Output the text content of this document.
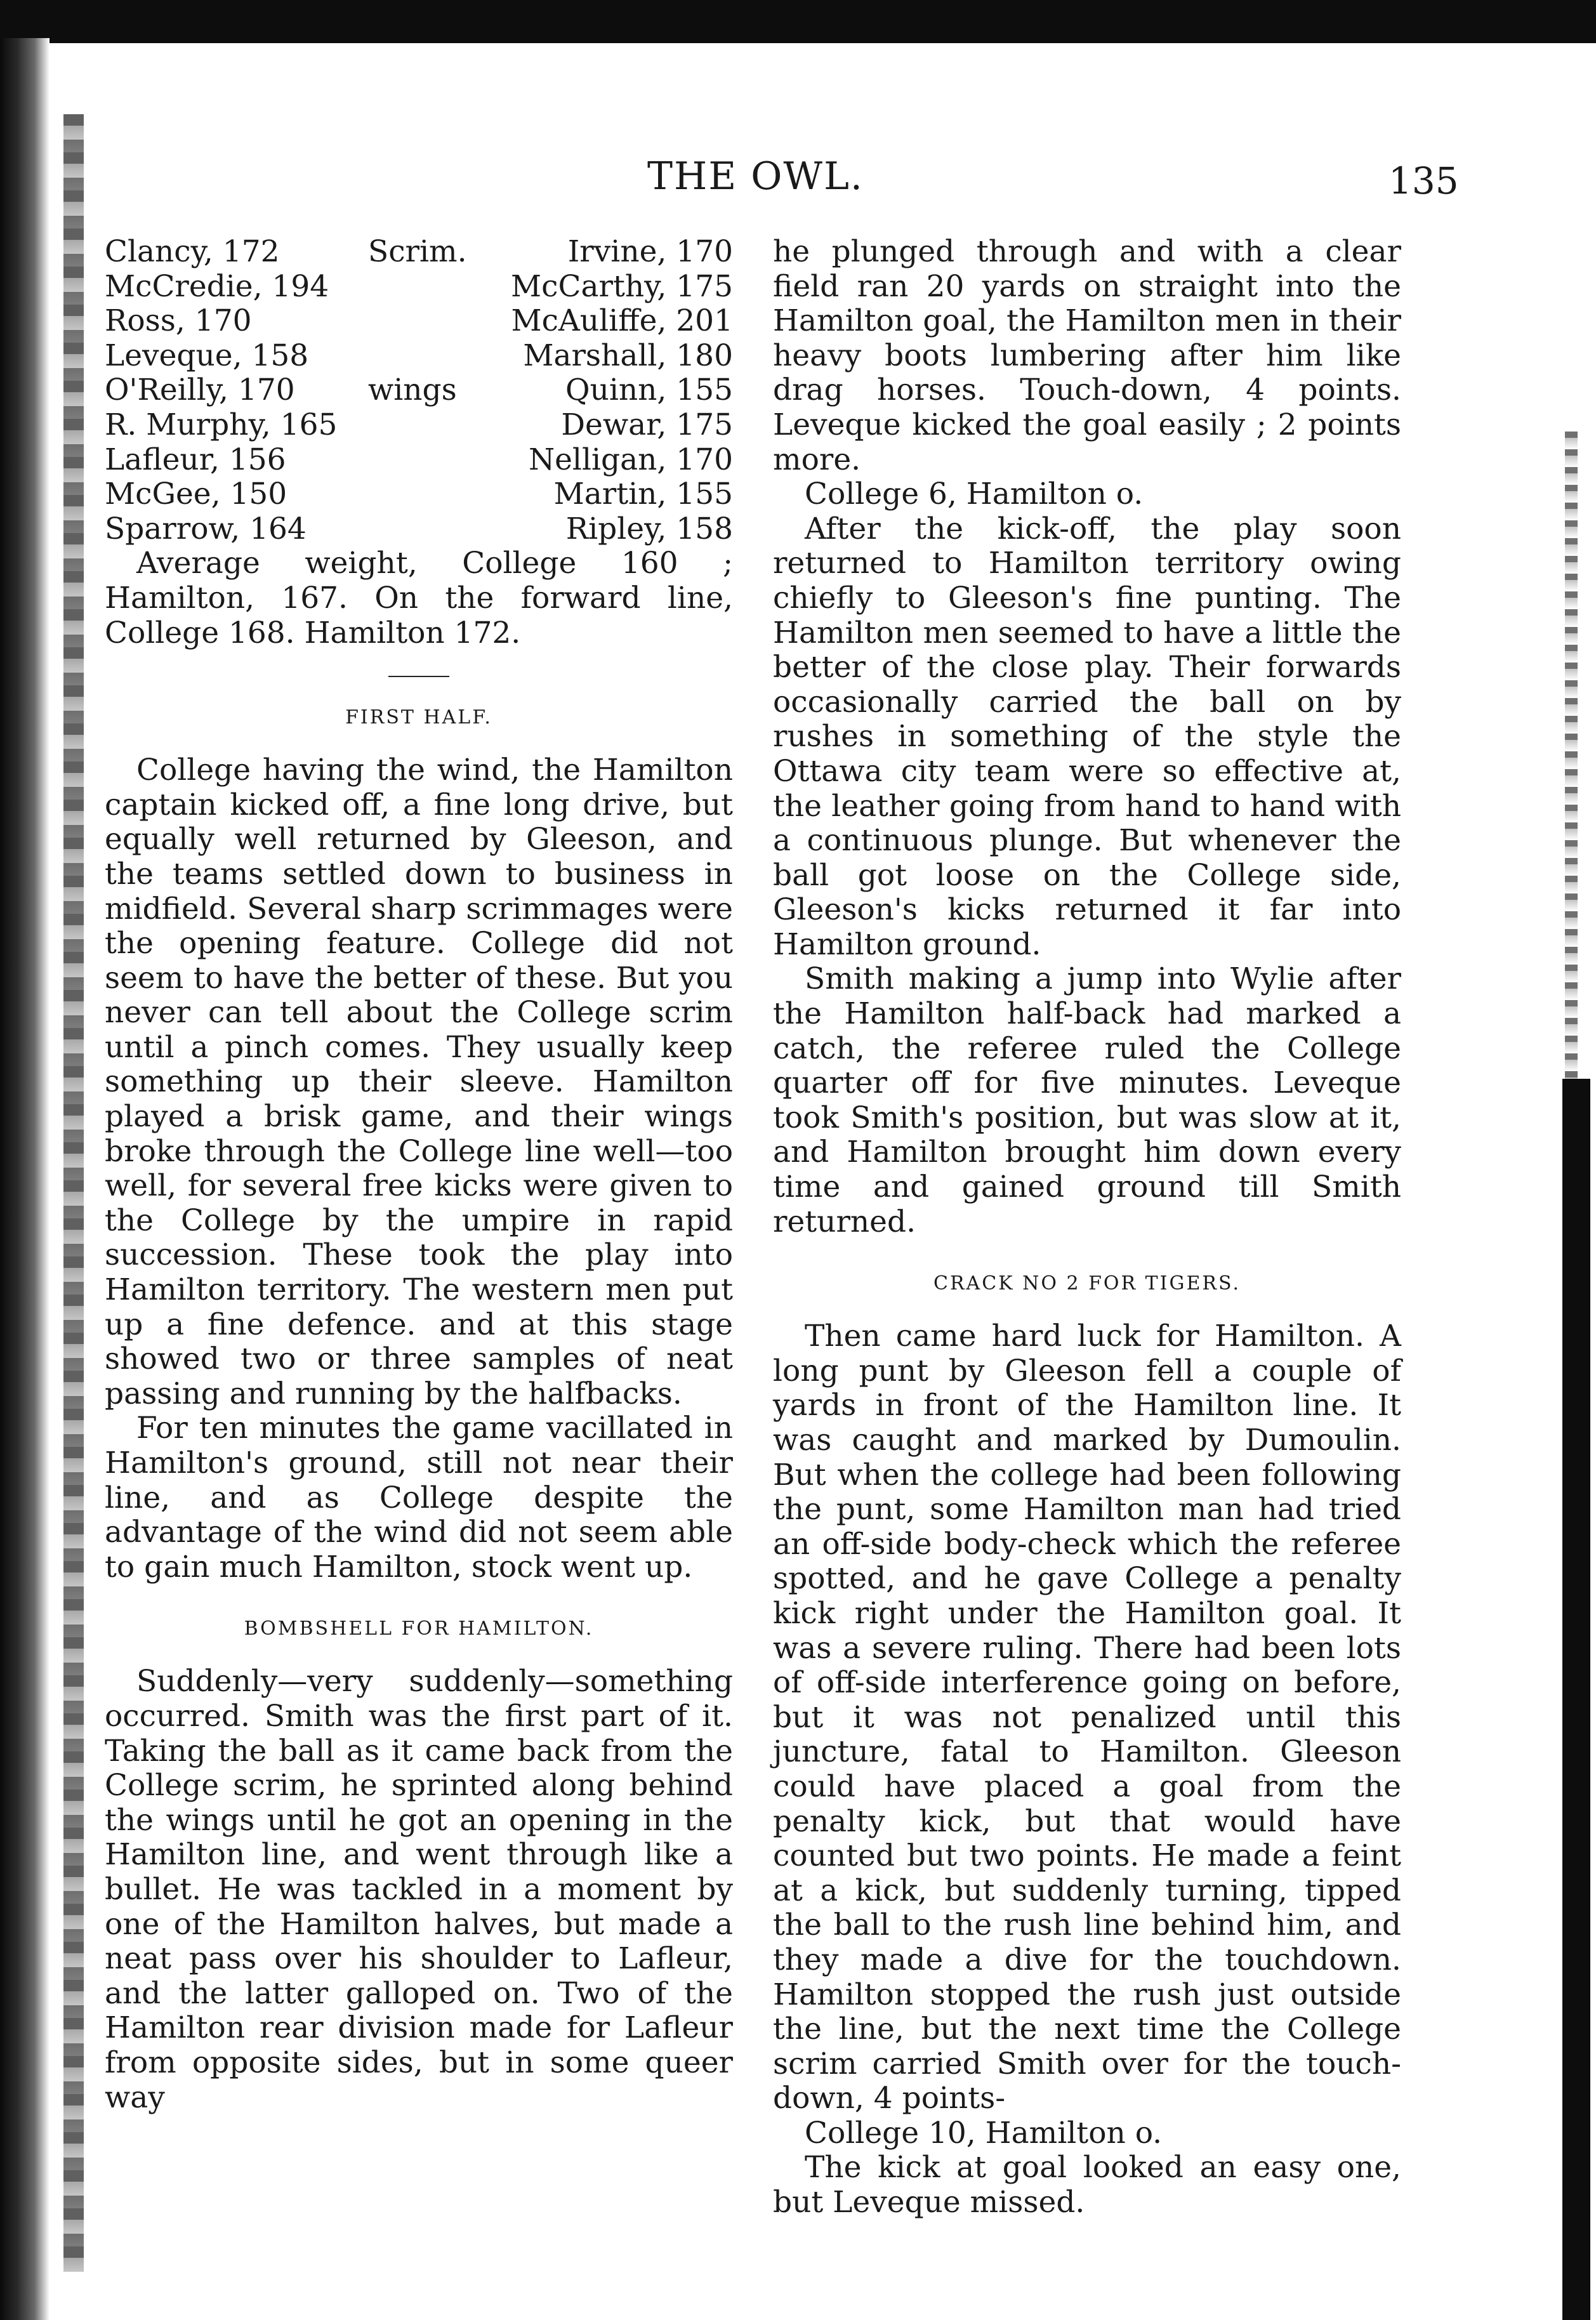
THE OWL.	135
Clancy, 172	Scrim.	Irvine, 170
McCredie, 194	McCarthy, 175
Ross, 170	McAuliffe, 201
Leveque, 158	Marshall, 180
O'Reilly, 170 wings	Quinn, 155
R. Murphy, 165	Dewar, 175
Lafleur, 156	Nelligan, 170
McGee, 150	Martin, 155
Sparrow, 164	Ripley, 158

Average weight, College 160 ; Hamilton, 167. On the forward line, College 168. Hamilton 172.

FIRST HALF.

College having the wind, the Hamilton captain kicked off, a fine long drive, but equally well returned by Gleeson, and the teams settled down to business in midfield. Several sharp scrimmages were the opening feature. College did not seem to have the better of these. But you never can tell about the College scrim until a pinch comes. They usually keep something up their sleeve. Hamilton played a brisk game, and their wings broke through the College line well—too well, for several free kicks were given to the College by the umpire in rapid succession. These took the play into Hamilton territory. The western men put up a fine defence. and at this stage showed two or three samples of neat passing and running by the halfbacks.

For ten minutes the game vacillated in Hamilton's ground, still not near their line, and as College despite the advantage of the wind did not seem able to gain much Hamilton, stock went up.

BOMBSHELL FOR HAMILTON.

Suddenly—very suddenly—something occurred. Smith was the first part of it. Taking the ball as it came back from the College scrim, he sprinted along behind the wings until he got an opening in the Hamilton line, and went through like a bullet. He was tackled in a moment by one of the Hamilton halves, but made a neat pass over his shoulder to Lafleur, and the latter galloped on. Two of the Hamilton rear division made for Lafleur from opposite sides, but in some queer way

he plunged through and with a clear field ran 20 yards on straight into the Hamilton goal, the Hamilton men in their heavy boots lumbering after him like drag horses. Touch-down, 4 points. Leveque kicked the goal easily ; 2 points more.

College 6, Hamilton o.

After the kick-off, the play soon returned to Hamilton territory owing chiefly to Gleeson's fine punting. The Hamilton men seemed to have a little the better of the close play. Their forwards occasionally carried the ball on by rushes in something of the style the Ottawa city team were so effective at, the leather going from hand to hand with a continuous plunge. But whenever the ball got loose on the College side, Gleeson's kicks returned it far into Hamilton ground.

Smith making a jump into Wylie after the Hamilton half-back had marked a catch, the referee ruled the College quarter off for five minutes. Leveque took Smith's position, but was slow at it, and Hamilton brought him down every time and gained ground till Smith returned.

CRACK NO 2 FOR TIGERS.

Then came hard luck for Hamilton. A long punt by Gleeson fell a couple of yards in front of the Hamilton line. It was caught and marked by Dumoulin. But when the college had been following the punt, some Hamilton man had tried an off-side body-check which the referee spotted, and he gave College a penalty kick right under the Hamilton goal. It was a severe ruling. There had been lots of off-side interference going on before, but it was not penalized until this juncture, fatal to Hamilton. Gleeson could have placed a goal from the penalty kick, but that would have counted but two points. He made a feint at a kick, but suddenly turning, tipped the ball to the rush line behind him, and they made a dive for the touchdown. Hamilton stopped the rush just outside the line, but the next time the College scrim carried Smith over for the touch-down, 4 points-

College 10, Hamilton o.

The kick at goal looked an easy one, but Leveque missed.
